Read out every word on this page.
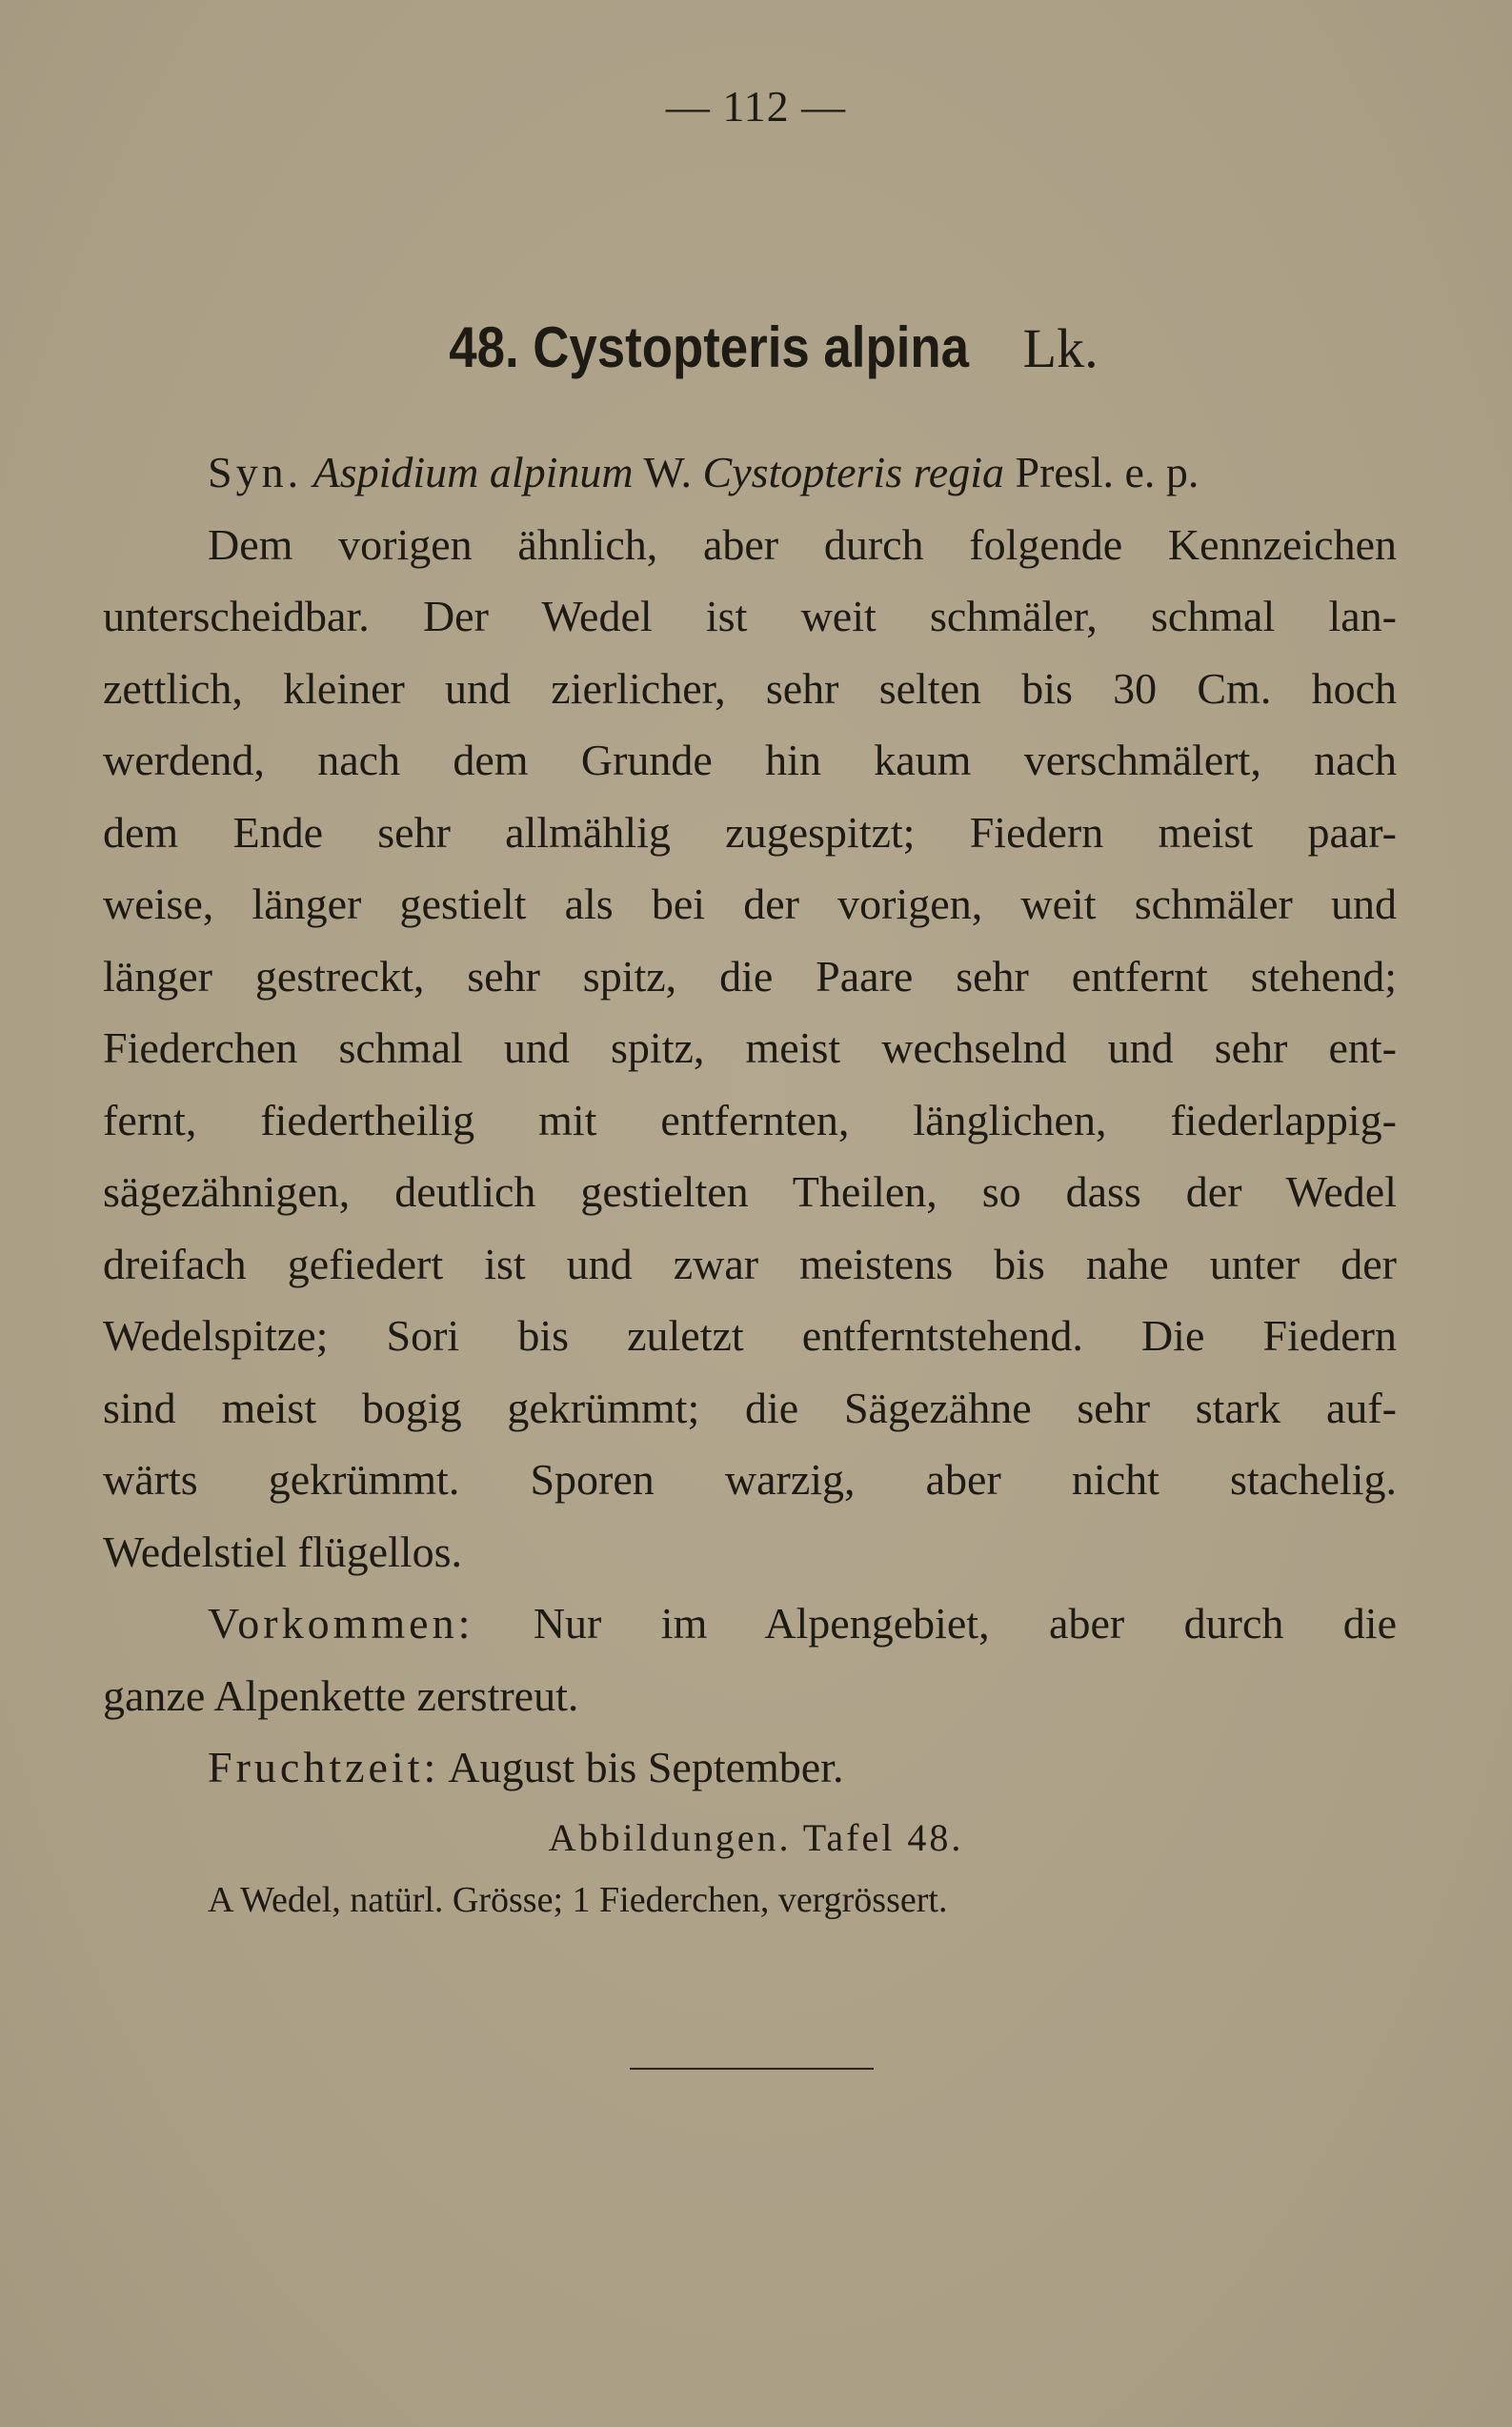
— 112 —
48. Cystopteris alpina Lk.

Syn. Aspidium alpinum W. Cystopteris regia Presl. e. p.

Dem vorigen ähnlich, aber durch folgende Kennzeichen

unterscheidbar. Der Wedel ist weit schmäler, schmal lan-

zettlich, kleiner und zierlicher, sehr selten bis 30 Cm. hoch

werdend, nach dem Grunde hin kaum verschmälert, nach

dem Ende sehr allmählig zugespitzt; Fiedern meist paar-

weise, länger gestielt als bei der vorigen, weit schmäler und

länger gestreckt, sehr spitz, die Paare sehr entfernt stehend;

Fiederchen schmal und spitz, meist wechselnd und sehr ent-

fernt, fiedertheilig mit entfernten, länglichen, fiederlappig-

sägezähnigen, deutlich gestielten Theilen, so dass der Wedel

dreifach gefiedert ist und zwar meistens bis nahe unter der

Wedelspitze; Sori bis zuletzt entferntstehend. Die Fiedern

sind meist bogig gekrümmt; die Sägezähne sehr stark auf-

wärts gekrümmt. Sporen warzig, aber nicht stachelig.

Wedelstiel flügellos.

Vorkommen: Nur im Alpengebiet, aber durch die

ganze Alpenkette zerstreut.

Fruchtzeit: August bis September.

Abbildungen. Tafel 48.
A Wedel, natürl. Grösse; 1 Fiederchen, vergrössert.
